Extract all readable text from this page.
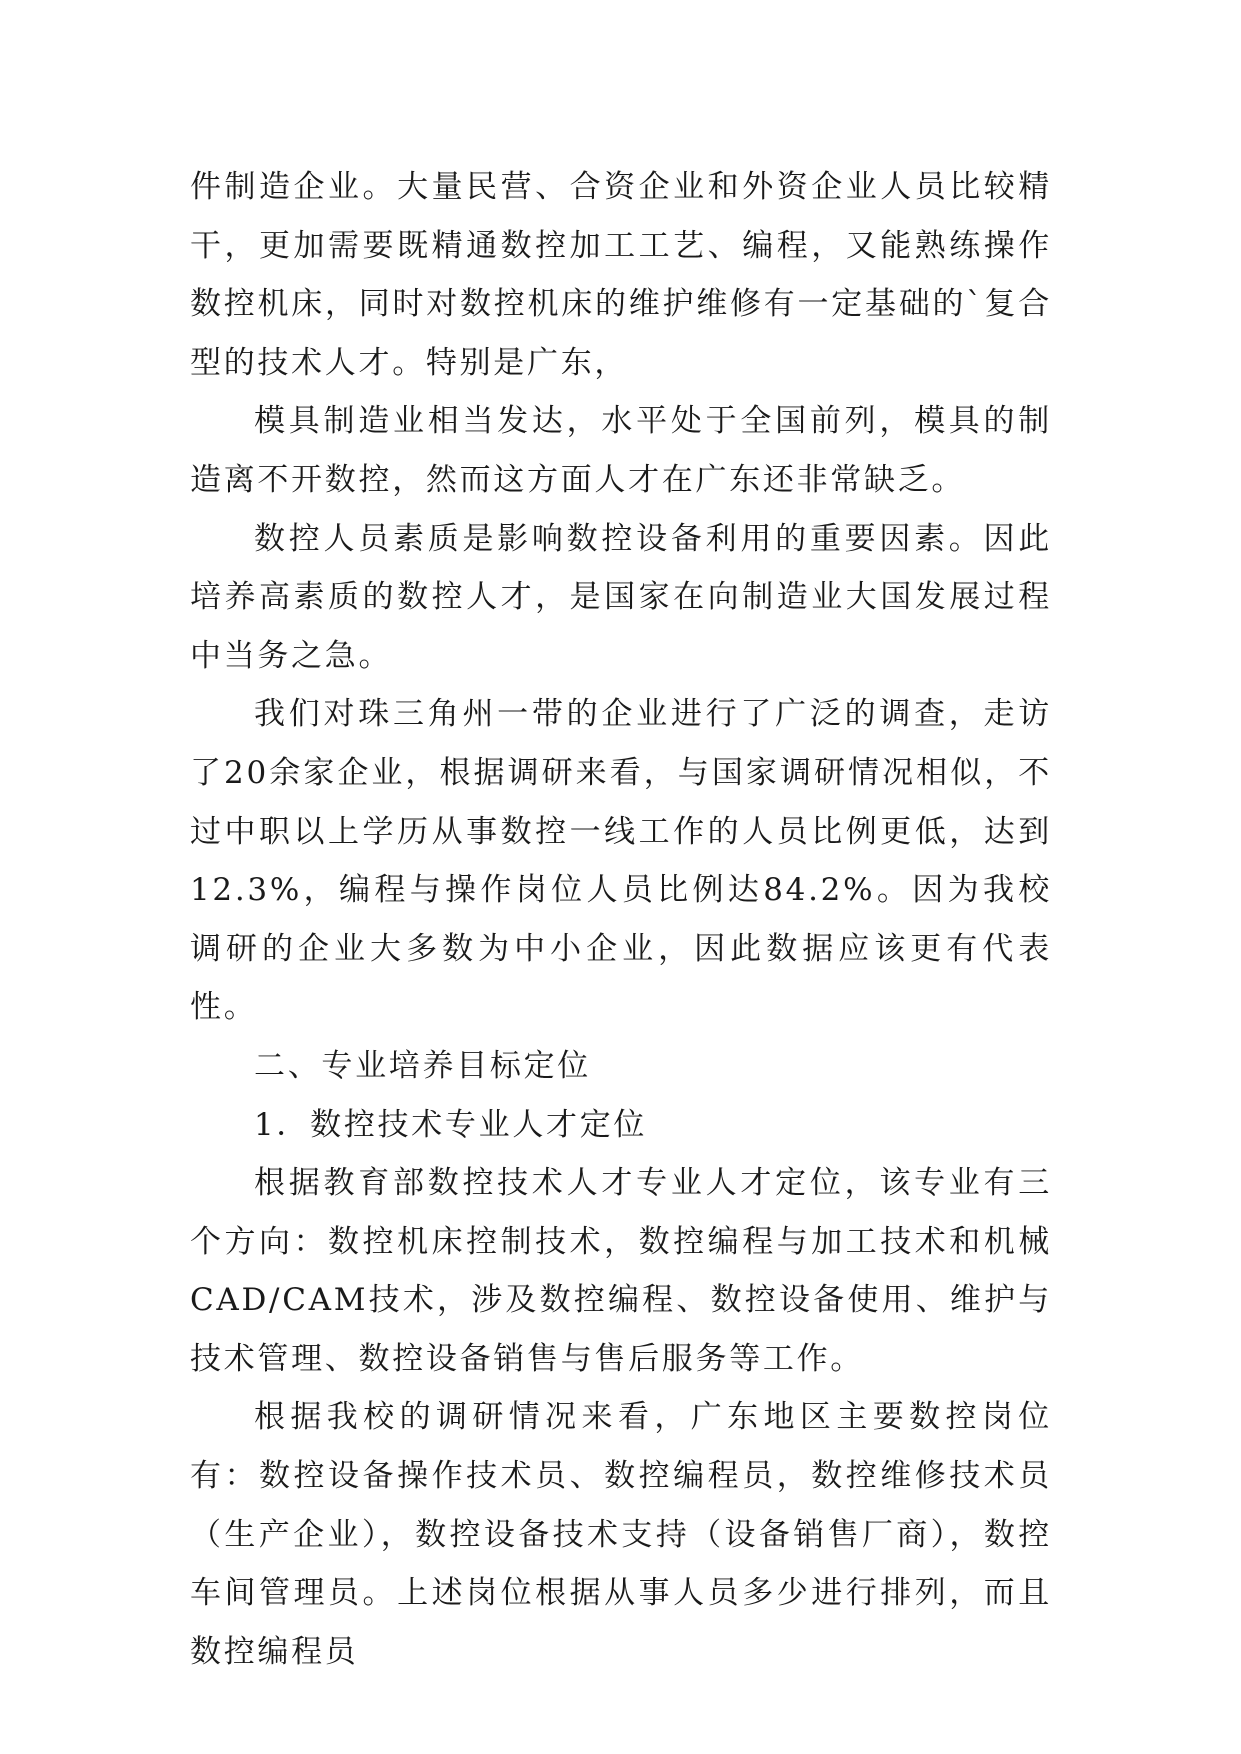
件制造企业。大量民营、合资企业和外资企业人员比较精干，更加需要既精通数控加工工艺、编程，又能熟练操作数控机床，同时对数控机床的维护维修有一定基础的`复合型的技术人才。特别是广东，

模具制造业相当发达，水平处于全国前列，模具的制造离不开数控，然而这方面人才在广东还非常缺乏。

数控人员素质是影响数控设备利用的重要因素。因此培养高素质的数控人才，是国家在向制造业大国发展过程中当务之急。

我们对珠三角州一带的企业进行了广泛的调查，走访了20余家企业，根据调研来看，与国家调研情况相似，不过中职以上学历从事数控一线工作的人员比例更低，达到12.3%，编程与操作岗位人员比例达84.2%。因为我校调研的企业大多数为中小企业，因此数据应该更有代表性。

二、专业培养目标定位

1．数控技术专业人才定位

根据教育部数控技术人才专业人才定位，该专业有三个方向：数控机床控制技术，数控编程与加工技术和机械CAD/CAM技术，涉及数控编程、数控设备使用、维护与技术管理、数控设备销售与售后服务等工作。

根据我校的调研情况来看，广东地区主要数控岗位有：数控设备操作技术员、数控编程员，数控维修技术员（生产企业），数控设备技术支持（设备销售厂商），数控车间管理员。上述岗位根据从事人员多少进行排列，而且数控编程员
